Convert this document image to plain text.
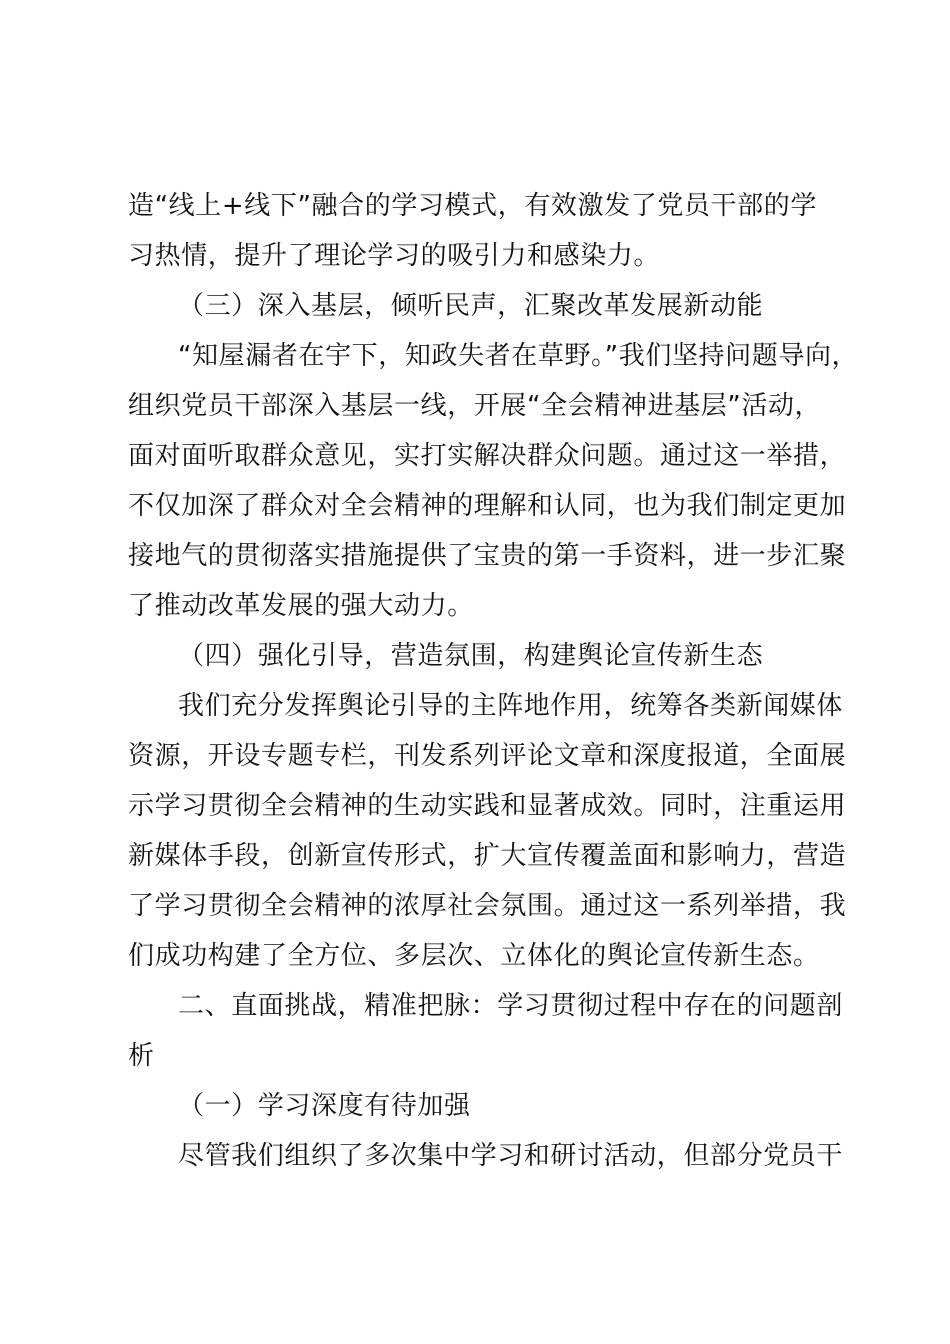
造“线上+线下”融合的学习模式，有效激发了党员干部的学
习热情，提升了理论学习的吸引力和感染力。
（三）深入基层，倾听民声，汇聚改革发展新动能
“知屋漏者在宇下，知政失者在草野。”我们坚持问题导向，
组织党员干部深入基层一线，开展“全会精神进基层”活动，
面对面听取群众意见，实打实解决群众问题。通过这一举措，
不仅加深了群众对全会精神的理解和认同，也为我们制定更加
接地气的贯彻落实措施提供了宝贵的第一手资料，进一步汇聚
了推动改革发展的强大动力。
（四）强化引导，营造氛围，构建舆论宣传新生态
我们充分发挥舆论引导的主阵地作用，统筹各类新闻媒体
资源，开设专题专栏，刊发系列评论文章和深度报道，全面展
示学习贯彻全会精神的生动实践和显著成效。同时，注重运用
新媒体手段，创新宣传形式，扩大宣传覆盖面和影响力，营造
了学习贯彻全会精神的浓厚社会氛围。通过这一系列举措，我
们成功构建了全方位、多层次、立体化的舆论宣传新生态。
二、直面挑战，精准把脉：学习贯彻过程中存在的问题剖
析
（一）学习深度有待加强
尽管我们组织了多次集中学习和研讨活动，但部分党员干
